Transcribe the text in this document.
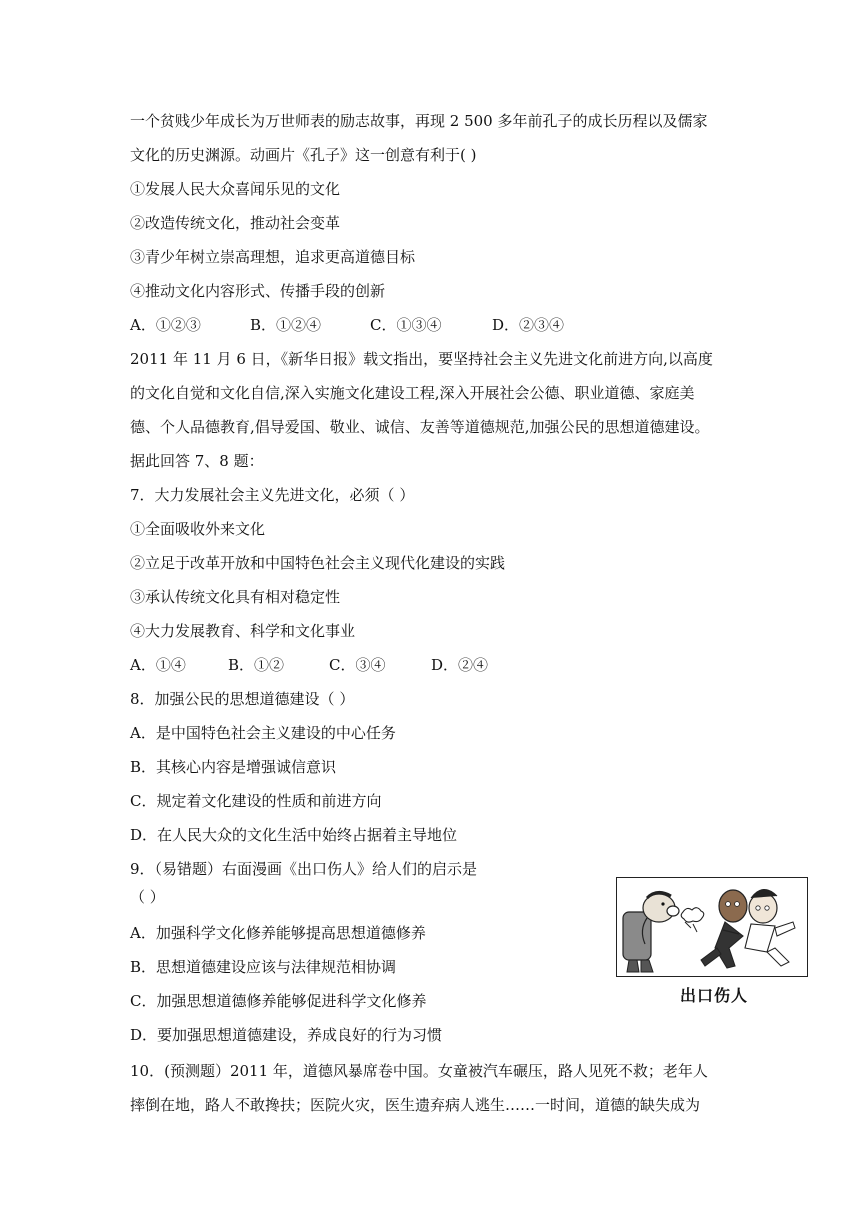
一个贫贱少年成长为万世师表的励志故事，再现 2 500 多年前孔子的成长历程以及儒家
文化的历史渊源。动画片《孔子》这一创意有利于( )
①发展人民大众喜闻乐见的文化
②改造传统文化，推动社会变革
③青少年树立崇高理想，追求更高道德目标
④推动文化内容形式、传播手段的创新
A．①②③	B．①②④	C．①③④	D．②③④
2011 年 11 月 6 日，《新华日报》载文指出，要坚持社会主义先进文化前进方向,以高度
的文化自觉和文化自信,深入实施文化建设工程,深入开展社会公德、职业道德、家庭美
德、个人品德教育,倡导爱国、敬业、诚信、友善等道德规范,加强公民的思想道德建设。
据此回答 7、8 题：
7．大力发展社会主义先进文化，必须（ ）
①全面吸收外来文化
②立足于改革开放和中国特色社会主义现代化建设的实践
③承认传统文化具有相对稳定性
④大力发展教育、科学和文化事业
A．①④	B．①②	C．③④	D．②④
8．加强公民的思想道德建设（ ）
A．是中国特色社会主义建设的中心任务
B．其核心内容是增强诚信意识
C．规定着文化建设的性质和前进方向
D．在人民大众的文化生活中始终占据着主导地位
9．（易错题）右面漫画《出口伤人》给人们的启示是
（ ）
A．加强科学文化修养能够提高思想道德修养
B．思想道德建设应该与法律规范相协调
C．加强思想道德修养能够促进科学文化修养
D．要加强思想道德建设，养成良好的行为习惯
出口伤人
10．(预测题）2011 年，道德风暴席卷中国。女童被汽车碾压，路人见死不救；老年人
摔倒在地，路人不敢搀扶；医院火灾，医生遗弃病人逃生……一时间，道德的缺失成为
